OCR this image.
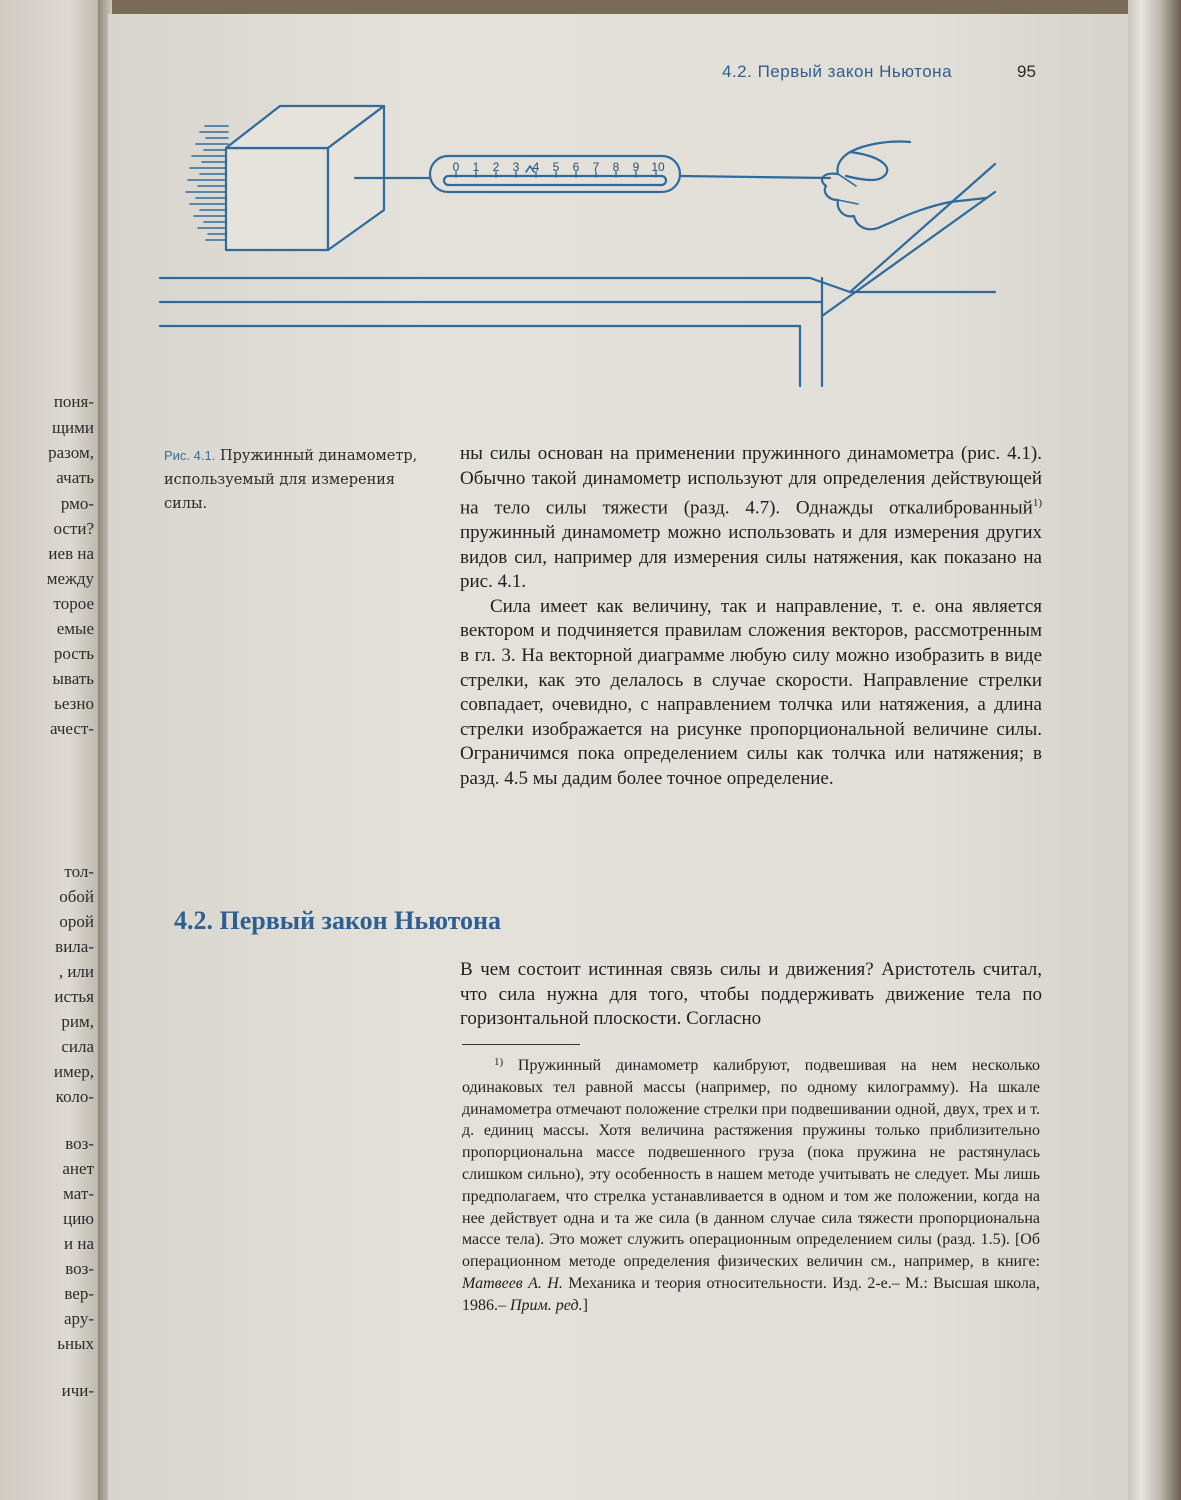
поня-
щими
разом,
ачать
рмо-
ости?
иев на
между
торое
емые
рость
ывать
ьезно
ачест-
тол-
обой
орой
вила-
, или
истья
рим,
сила
имер,
коло-
воз-
анет
мат-
цию
и на
воз-
вер-
ару-
ьных
ичи-
4.2. Первый закон Ньютона	95
0 1 2 3 4 5 6 7 8 9 10
Рис. 4.1. Пружинный динамометр, используемый для измерения силы.

ны силы основан на применении пружинного динамометра (рис. 4.1). Обычно такой динамометр используют для определения действующей на тело силы тяжести (разд. 4.7). Однажды откалиброванный$^{1)}$ пружинный динамометр можно использовать и для измерения других видов сил, например для измерения силы натяжения, как показано на рис. 4.1.

Сила имеет как величину, так и направление, т. е. она является вектором и подчиняется правилам сложения векторов, рассмотренным в гл. 3. На векторной диаграмме любую силу можно изобразить в виде стрелки, как это делалось в случае скорости. Направление стрелки совпадает, очевидно, с направлением толчка или натяжения, а длина стрелки изображается на рисунке пропорциональной величине силы. Ограничимся пока определением силы как толчка или натяжения; в разд. 4.5 мы дадим более точное определение.

4.2. Первый закон Ньютона

В чем состоит истинная связь силы и движения? Аристотель считал, что сила нужна для того, чтобы поддерживать движение тела по горизонтальной плоскости. Согласно

$^{1)}$ Пружинный динамометр калибруют, подвешивая на нем несколько одинаковых тел равной массы (например, по одному килограмму). На шкале динамометра отмечают положение стрелки при подвешивании одной, двух, трех и т. д. единиц массы. Хотя величина растяжения пружины только приблизительно пропорциональна массе подвешенного груза (пока пружина не растянулась слишком сильно), эту особенность в нашем методе учитывать не следует. Мы лишь предполагаем, что стрелка устанавливается в одном и том же положении, когда на нее действует одна и та же сила (в данном случае сила тяжести пропорциональна массе тела). Это может служить операционным определением силы (разд. 1.5). [Об операционном методе определения физических величин см., например, в книге: Матвеев А. Н. Механика и теория относительности. Изд. 2-е.– М.: Высшая школа, 1986.– Прим. ред.]
